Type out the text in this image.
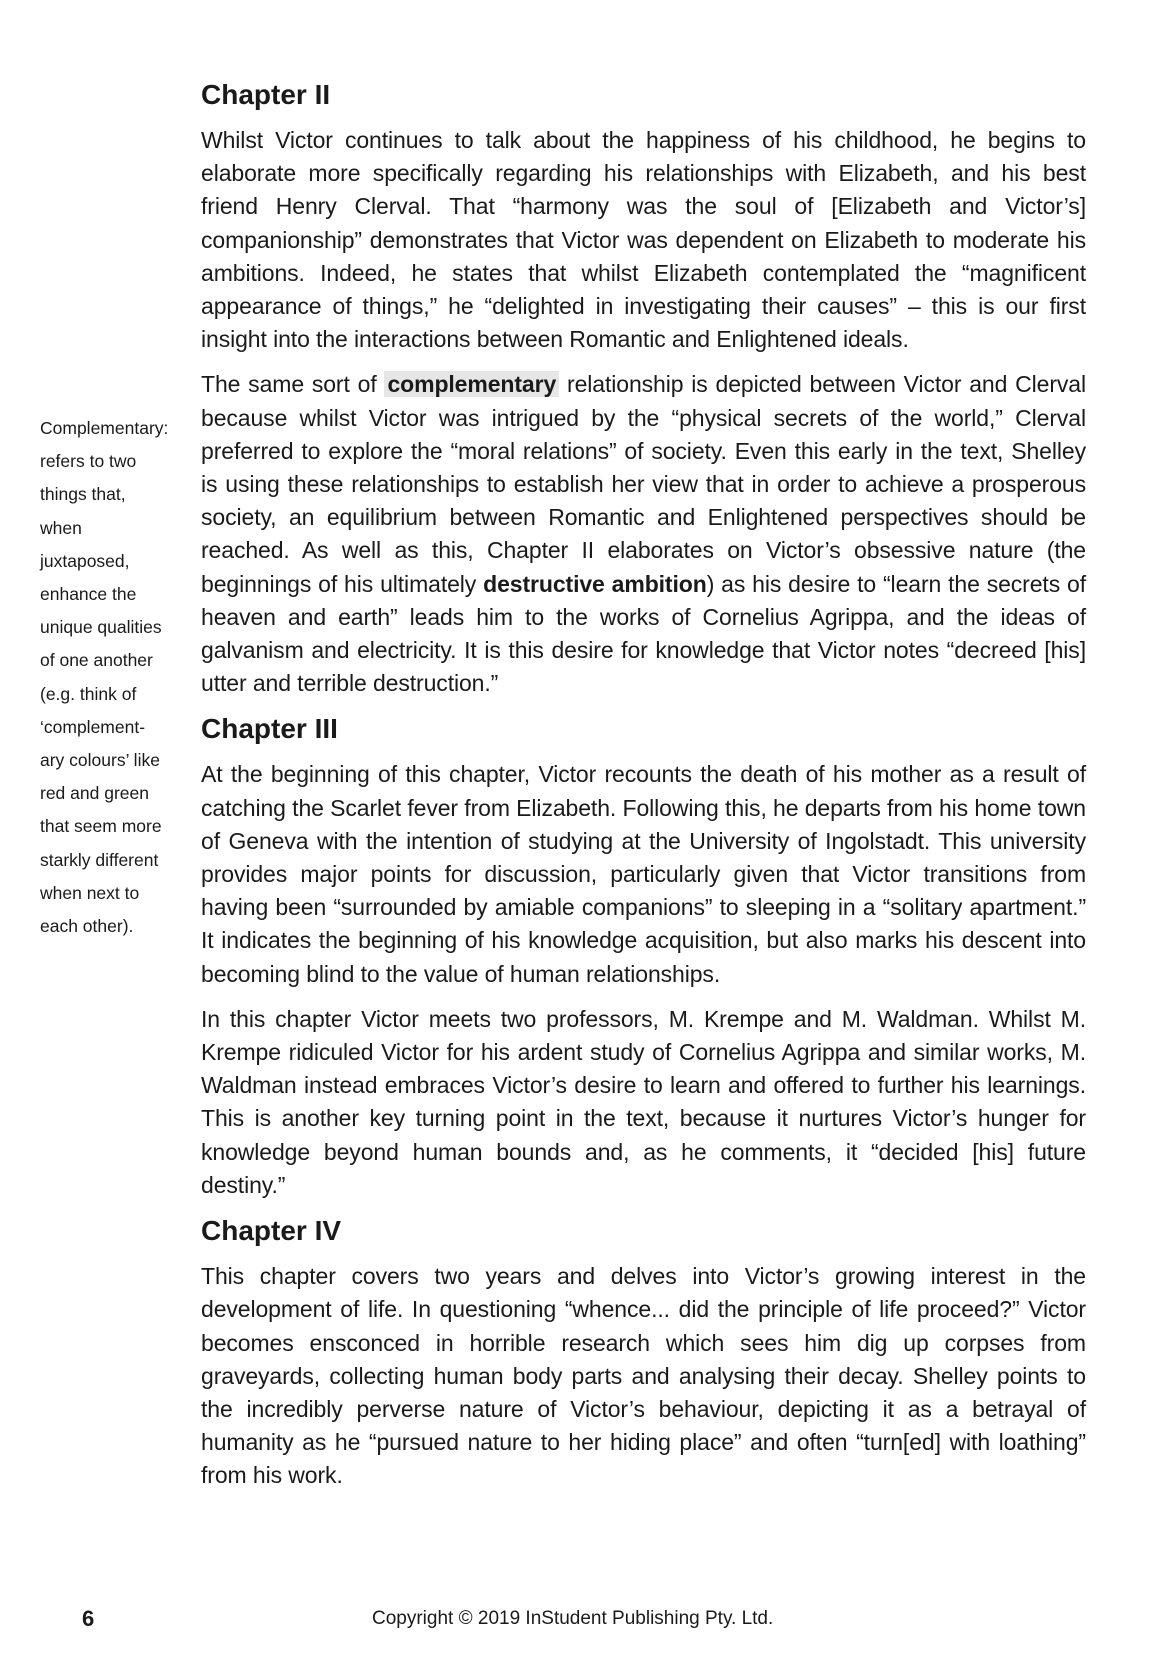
Complementary:
refers to two
things that,
when
juxtaposed,
enhance the
unique qualities
of one another
(e.g. think of
‘complement-
ary colours’ like
red and green
that seem more
starkly different
when next to
each other).
Chapter II

Whilst Victor continues to talk about the happiness of his childhood, he begins to elaborate more specifically regarding his relationships with Elizabeth, and his best friend Henry Clerval. That “harmony was the soul of [Elizabeth and Victor’s] companionship” demonstrates that Victor was dependent on Elizabeth to moderate his ambitions. Indeed, he states that whilst Elizabeth contemplated the “magnificent appearance of things,” he “delighted in investigating their causes” – this is our first insight into the interactions between Romantic and Enlightened ideals.

The same sort of complementary relationship is depicted between Victor and Clerval because whilst Victor was intrigued by the “physical secrets of the world,” Clerval preferred to explore the “moral relations” of society. Even this early in the text, Shelley is using these relationships to establish her view that in order to achieve a prosperous society, an equilibrium between Romantic and Enlightened perspectives should be reached. As well as this, Chapter II elaborates on Victor’s obsessive nature (the beginnings of his ultimately destructive ambition) as his desire to “learn the secrets of heaven and earth” leads him to the works of Cornelius Agrippa, and the ideas of galvanism and electricity. It is this desire for knowledge that Victor notes “decreed [his] utter and terrible destruction.”

Chapter III

At the beginning of this chapter, Victor recounts the death of his mother as a result of catching the Scarlet fever from Elizabeth. Following this, he departs from his home town of Geneva with the intention of studying at the University of Ingolstadt. This university provides major points for discussion, particularly given that Victor transitions from having been “surrounded by amiable companions” to sleeping in a “solitary apartment.” It indicates the beginning of his knowledge acquisition, but also marks his descent into becoming blind to the value of human relationships.

In this chapter Victor meets two professors, M. Krempe and M. Waldman. Whilst M. Krempe ridiculed Victor for his ardent study of Cornelius Agrippa and similar works, M. Waldman instead embraces Victor’s desire to learn and offered to further his learnings. This is another key turning point in the text, because it nurtures Victor’s hunger for knowledge beyond human bounds and, as he comments, it “decided [his] future destiny.”

Chapter IV

This chapter covers two years and delves into Victor’s growing interest in the development of life. In questioning “whence... did the principle of life proceed?” Victor becomes ensconced in horrible research which sees him dig up corpses from graveyards, collecting human body parts and analysing their decay. Shelley points to the incredibly perverse nature of Victor’s behaviour, depicting it as a betrayal of humanity as he “pursued nature to her hiding place” and often “turn[ed] with loathing” from his work.

6	Copyright © 2019 InStudent Publishing Pty. Ltd.
